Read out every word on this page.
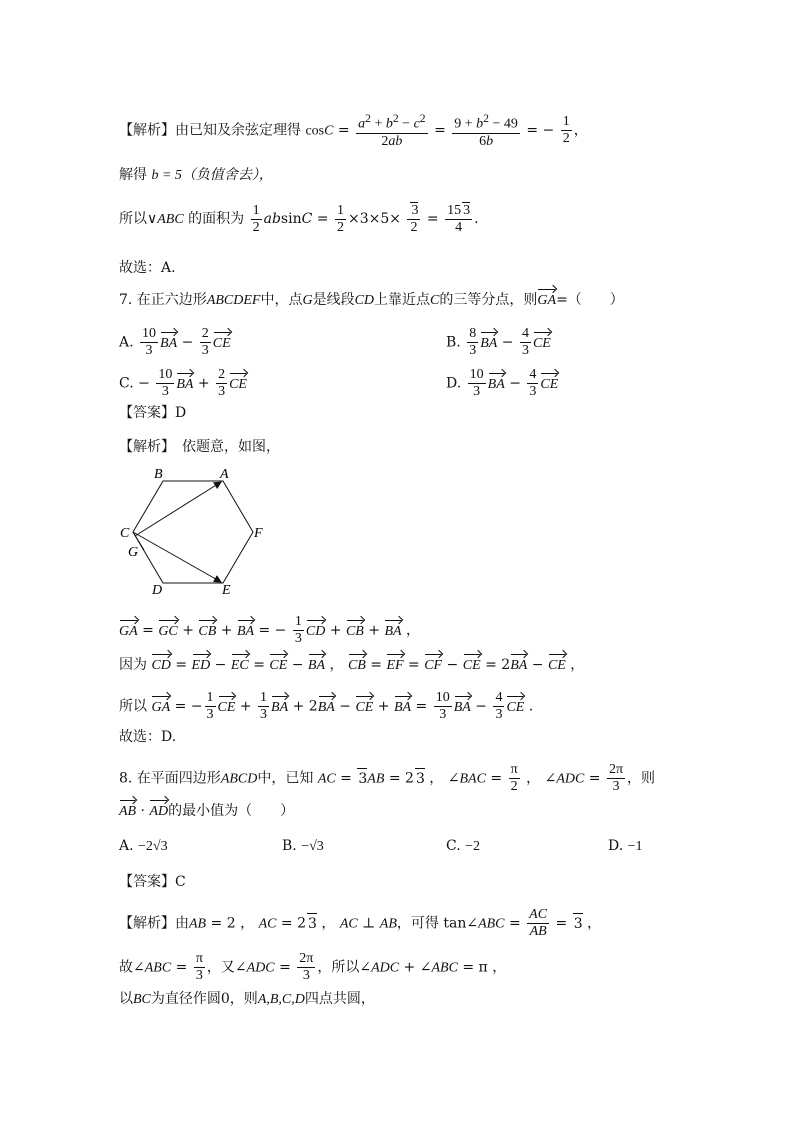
【解析】由已知及余弦定理得 $\cos C = \frac{a^2 + b^2 - c^2}{2ab} = \frac{9 + b^2 - 49}{6b}$ = − $\frac{1}{2}$ ，
解得 b = 5（负值舍去），
所以∨ABC 的面积为 $\frac{1}{2}$ $absinC = \frac{1}{2} \times 3\times 5\times \frac{3}{2} = \frac{15 3}{4}$ .
故选：A.
7. 在正六边形ABCDEF中，点G是线段CD上靠近点C的三等分点，则GA=（　　）
A. $\frac{10}{3}$ BA − $\frac{2}{3}$ CE	B. $\frac{8}{3}$ BA − $\frac{4}{3}$ CE
C. − $\frac{10}{3}$ BA + $\frac{2}{3}$ CE	D. $\frac{10}{3}$ BA − $\frac{4}{3}$ CE
【答案】D
【解析】　依题意，如图，
B	A
C
G
F
D	E
GA = GC + CB + BA = − $\frac{1}{3}$ CD + CB + BA ，
因为 CD = ED − EC = CE − BA ， CB = EF = CF − CE = 2BA − CE ，
所以 GA = − $\frac{1}{3}$ CE + $\frac{1}{3}$ BA + 2BA − CE + BA = $\frac{10}{3}$ BA − $\frac{4}{3}$ CE .
故选：D.
8. 在平面四边形ABCD中，已知 AC = 3AB = 2 3 ， ∠BAC = $\frac{\pi}{2}$ ， ∠ADC = $\frac{2\pi}{3}$ ，则
AB · AD的最小值为（　　）
A. −2√3	B. −√3	C. −2	D. −1
【答案】C
【解析】由AB = 2 ， AC = 2 3 ， AC ⊥ AB，可得 tan∠ABC = $\frac{AC}{AB} = 3$ ，
故∠ABC = $\frac{\pi}{3}$ ，又∠ADC = $\frac{2\pi}{3}$ ，所以∠ADC + ∠ABC = π ，
以BC为直径作圆0，则A,B,C,D四点共圆，
